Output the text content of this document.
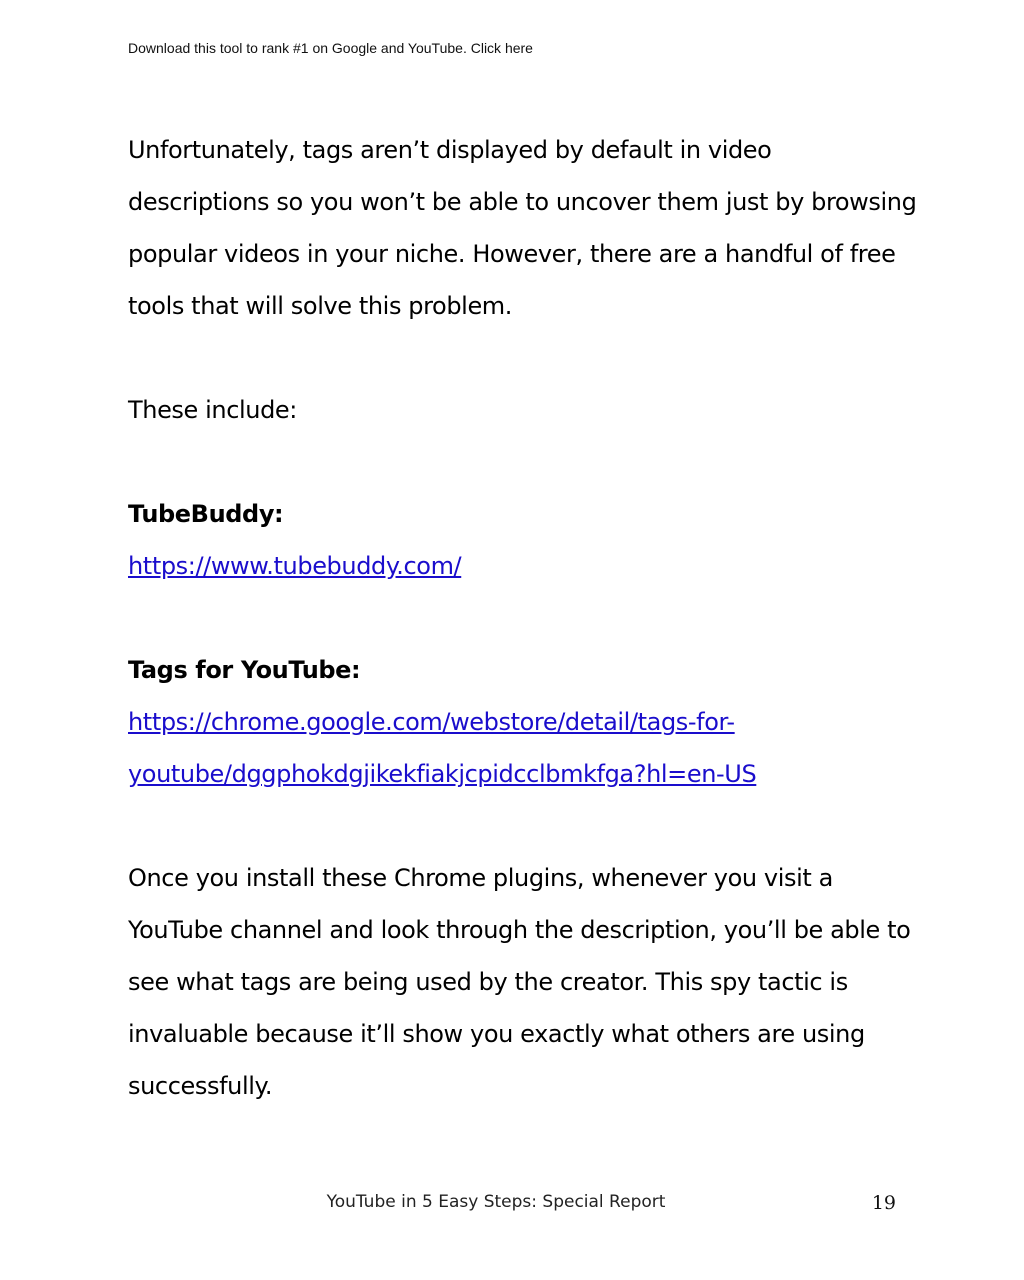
Download this tool to rank #1 on Google and YouTube. Click here

Unfortunately, tags aren’t displayed by default in video descriptions so you won’t be able to uncover them just by browsing popular videos in your niche. However, there are a handful of free tools that will solve this problem.

These include:

TubeBuddy:

https://www.tubebuddy.com/

Tags for YouTube:

https://chrome.google.com/webstore/detail/tags-for-
youtube/dggphokdgjikekfiakjcpidcclbmkfga?hl=en-US

Once you install these Chrome plugins, whenever you visit a YouTube channel and look through the description, you’ll be able to see what tags are being used by the creator. This spy tactic is invaluable because it’ll show you exactly what others are using successfully.

YouTube in 5 Easy Steps: Special Report	19
